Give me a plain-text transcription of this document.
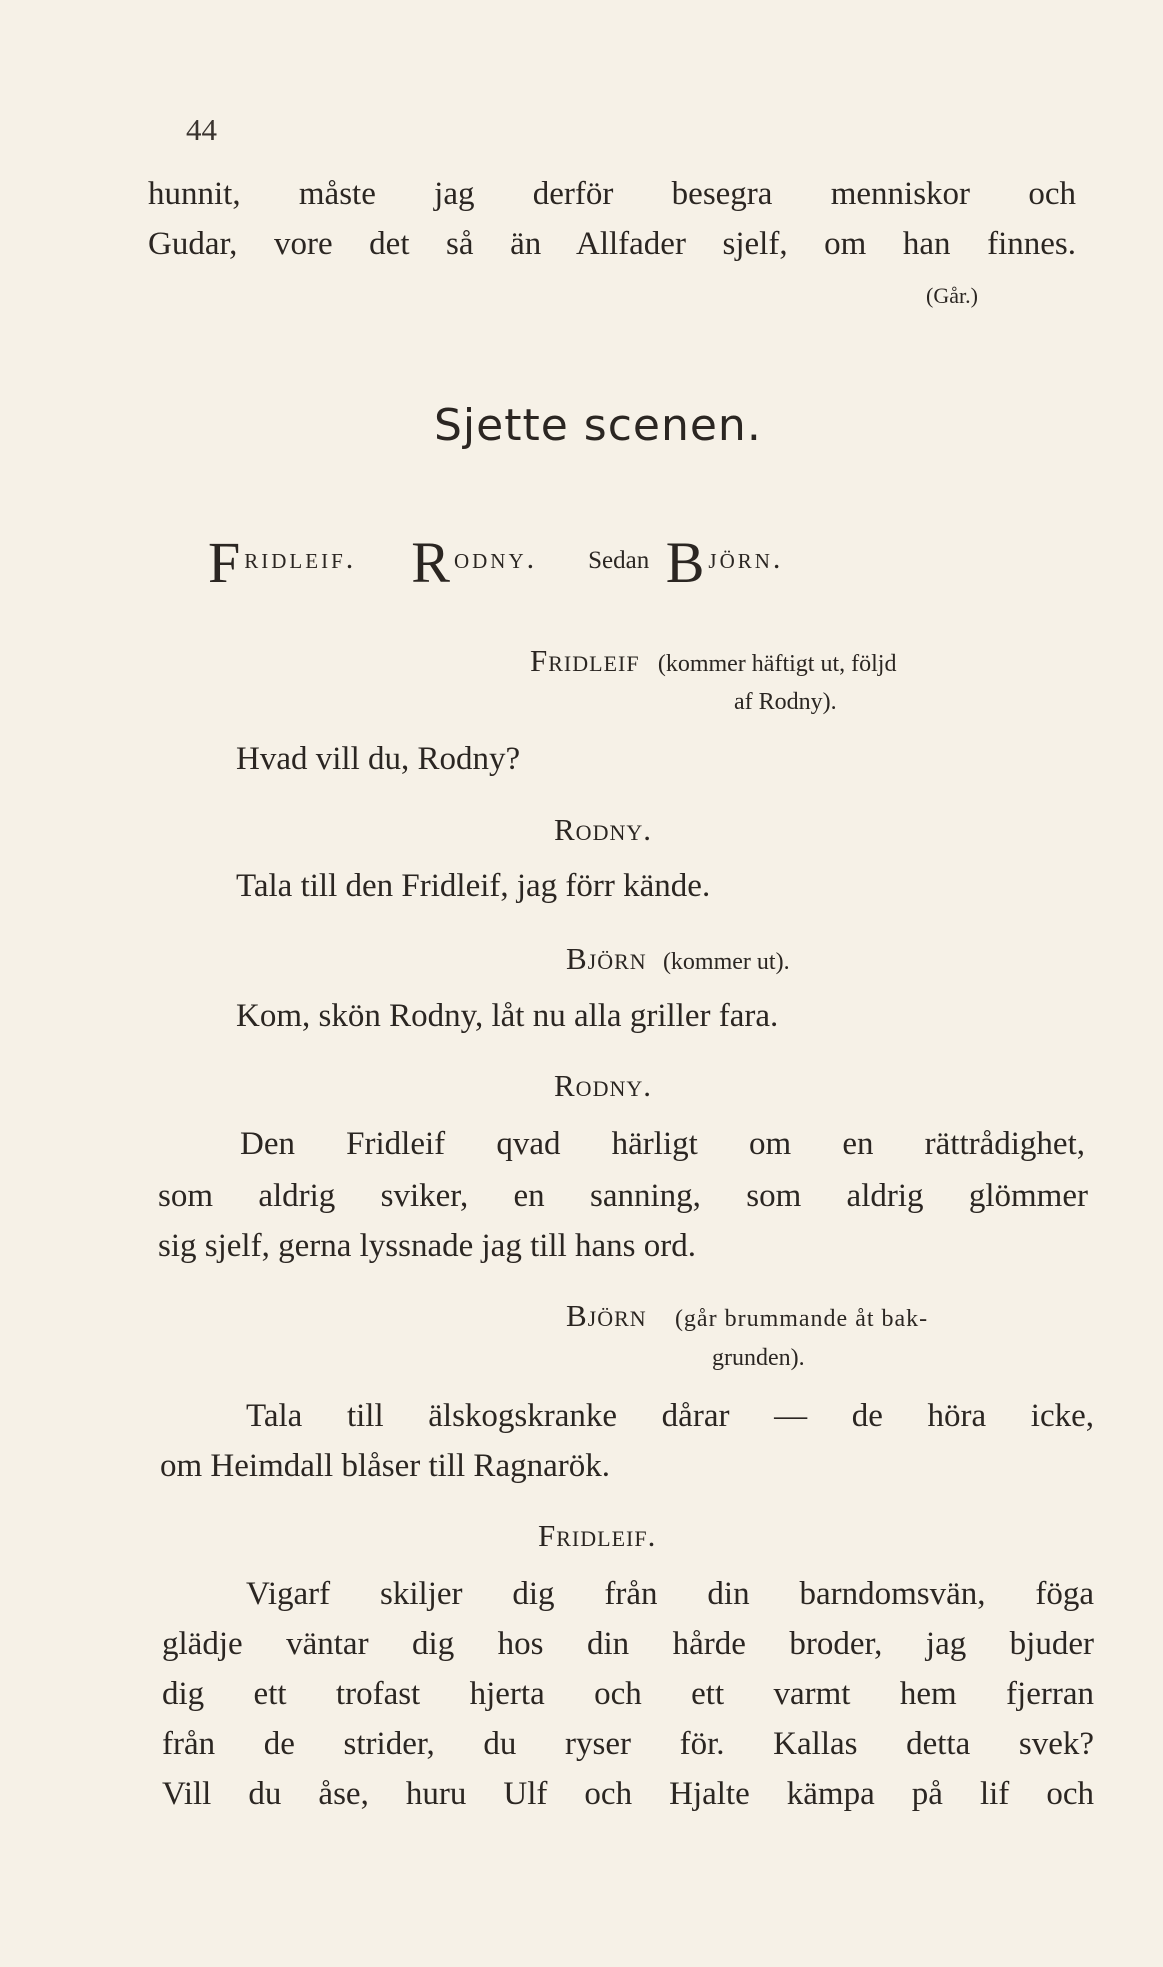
44
hunnit, måste jag derför besegra menniskor och
Gudar, vore det så än Allfader sjelf, om han finnes.
(Går.)
Sjette scenen.
Fridleif. Rodny. Sedan Björn.
Fridleif (kommer häftigt ut, följd
af Rodny).
Hvad vill du, Rodny?
Rodny.
Tala till den Fridleif, jag förr kände.
Björn (kommer ut).
Kom, skön Rodny, låt nu alla griller fara.
Rodny.
Den Fridleif qvad härligt om en rättrådighet,
som aldrig sviker, en sanning, som aldrig glömmer
sig sjelf, gerna lyssnade jag till hans ord.
Björn (går brummande åt bak-
grunden).
Tala till älskogskranke dårar — de höra icke,
om Heimdall blåser till Ragnarök.
Fridleif.
Vigarf skiljer dig från din barndomsvän, föga
glädje väntar dig hos din hårde broder, jag bjuder
dig ett trofast hjerta och ett varmt hem fjerran
från de strider, du ryser för. Kallas detta svek?
Vill du åse, huru Ulf och Hjalte kämpa på lif och
